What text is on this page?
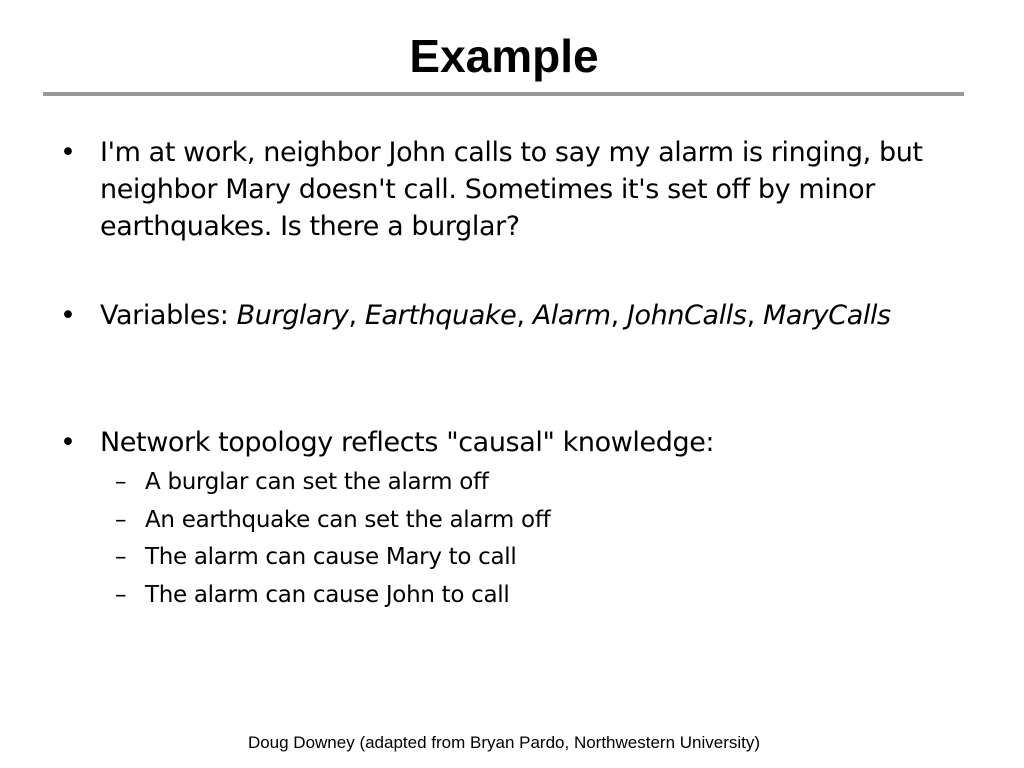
Example
• I'm at work, neighbor John calls to say my alarm is ringing, but neighbor Mary doesn't call. Sometimes it's set off by minor earthquakes. Is there a burglar?
• Variables: Burglary, Earthquake, Alarm, JohnCalls, MaryCalls
• Network topology reflects "causal" knowledge:
– A burglar can set the alarm off
– An earthquake can set the alarm off
– The alarm can cause Mary to call
– The alarm can cause John to call
Doug Downey (adapted from Bryan Pardo, Northwestern University)
